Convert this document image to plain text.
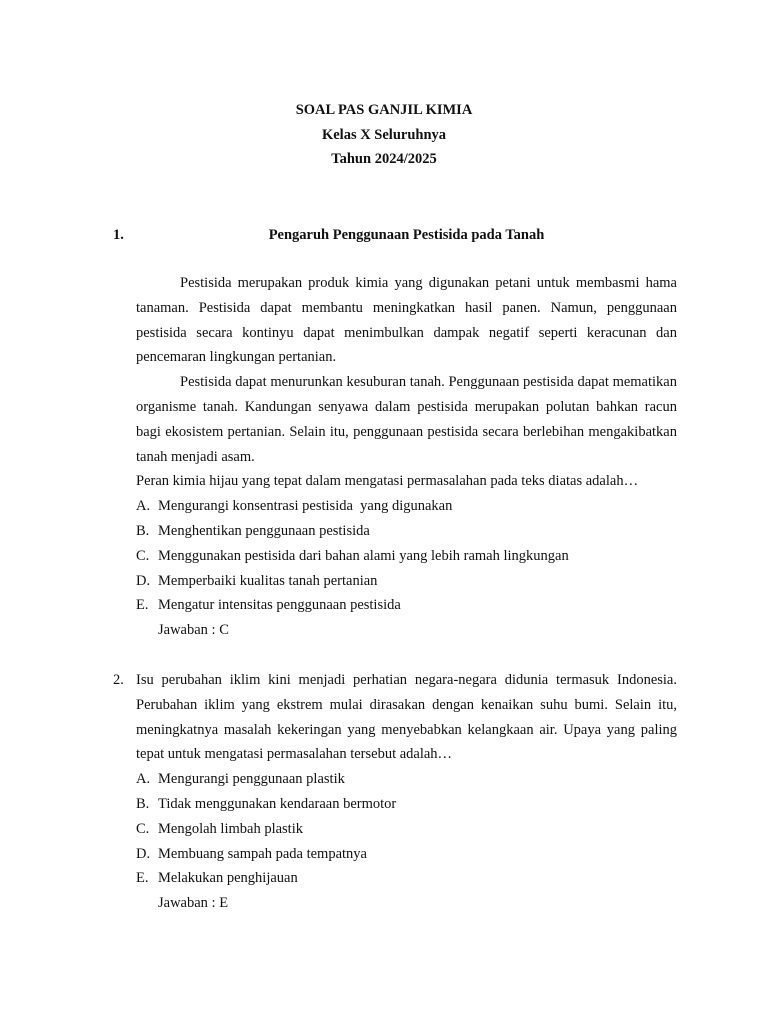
SOAL PAS GANJIL KIMIA
Kelas X Seluruhnya
Tahun 2024/2025
1.	Pengaruh Penggunaan Pestisida pada Tanah

Pestisida merupakan produk kimia yang digunakan petani untuk membasmi hama tanaman. Pestisida dapat membantu meningkatkan hasil panen. Namun, penggunaan pestisida secara kontinyu dapat menimbulkan dampak negatif seperti keracunan dan pencemaran lingkungan pertanian.

Pestisida dapat menurunkan kesuburan tanah. Penggunaan pestisida dapat mematikan organisme tanah. Kandungan senyawa dalam pestisida merupakan polutan bahkan racun bagi ekosistem pertanian. Selain itu, penggunaan pestisida secara berlebihan mengakibatkan tanah menjadi asam.

Peran kimia hijau yang tepat dalam mengatasi permasalahan pada teks diatas adalah…

A. Mengurangi konsentrasi pestisida  yang digunakan
B. Menghentikan penggunaan pestisida
C. Menggunakan pestisida dari bahan alami yang lebih ramah lingkungan
D. Memperbaiki kualitas tanah pertanian
E. Mengatur intensitas penggunaan pestisida
Jawaban : C
2. Isu perubahan iklim kini menjadi perhatian negara-negara didunia termasuk Indonesia. Perubahan iklim yang ekstrem mulai dirasakan dengan kenaikan suhu bumi. Selain itu, meningkatnya masalah kekeringan yang menyebabkan kelangkaan air. Upaya yang paling tepat untuk mengatasi permasalahan tersebut adalah…

A. Mengurangi penggunaan plastik
B. Tidak menggunakan kendaraan bermotor
C. Mengolah limbah plastik
D. Membuang sampah pada tempatnya
E. Melakukan penghijauan
Jawaban : E
